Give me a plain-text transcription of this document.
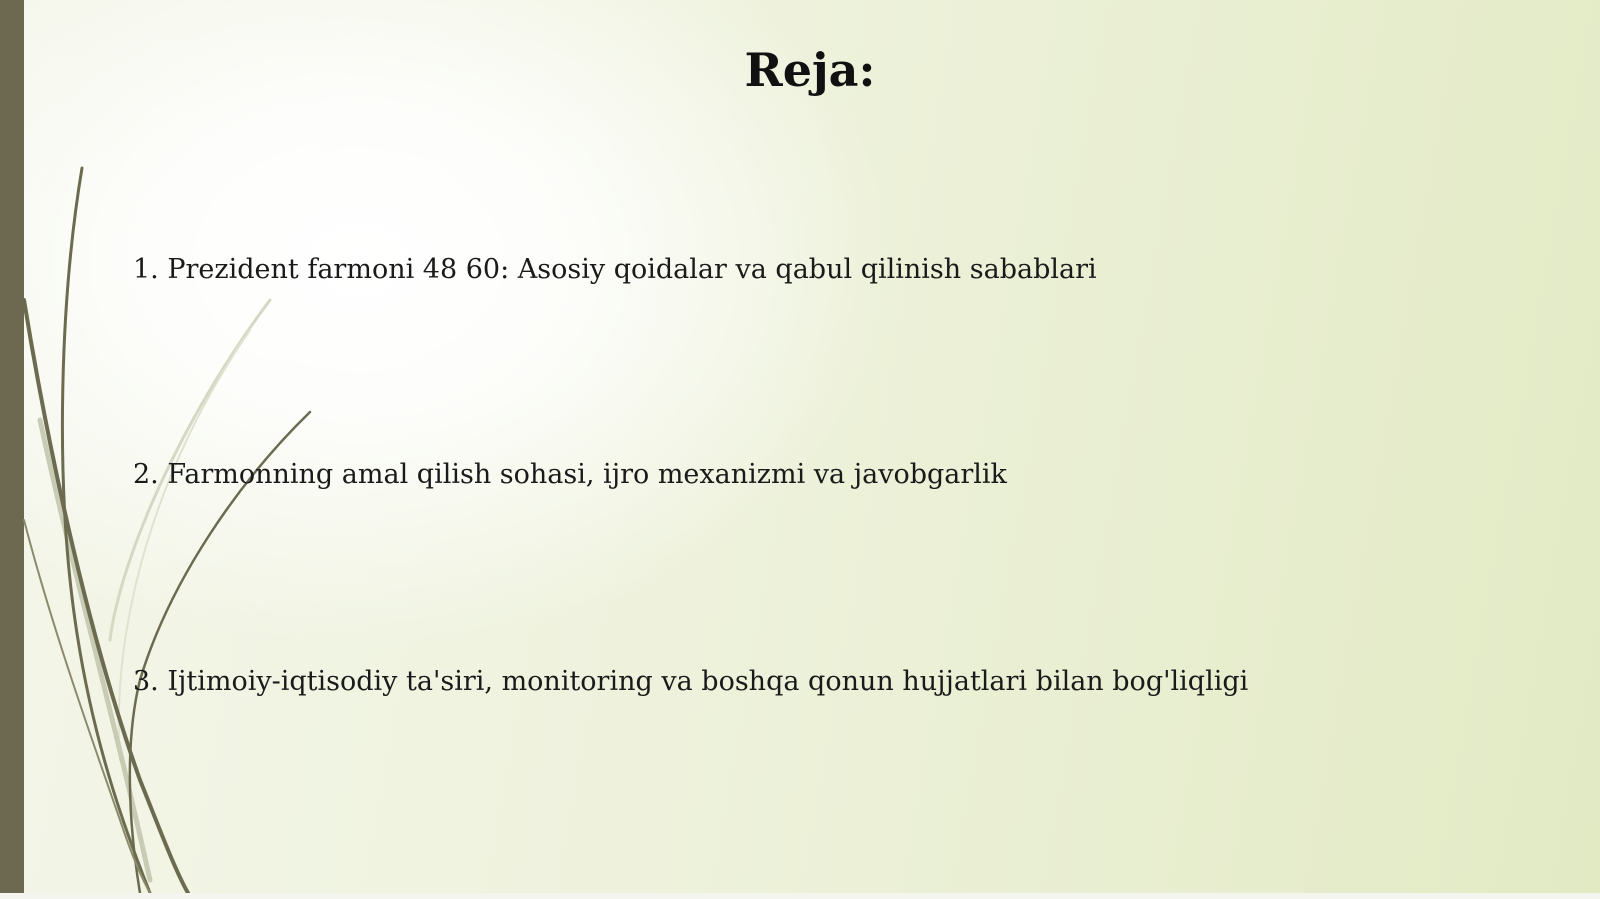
Reja:
1. Prezident farmoni 48 60: Asosiy qoidalar va qabul qilinish sabablari
2. Farmonning amal qilish sohasi, ijro mexanizmi va javobgarlik
3. Ijtimoiy-iqtisodiy ta'siri, monitoring va boshqa qonun hujjatlari bilan bog'liqligi
